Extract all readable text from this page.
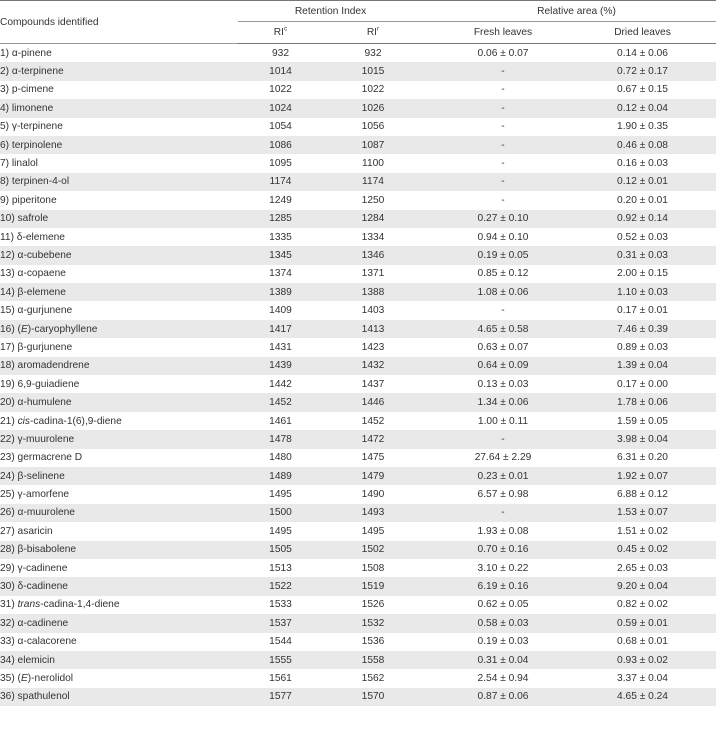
Compounds identified	Retention Index		Relative area (%)	
	$RI^c$	$RI^r$	Fresh leaves	Dried leaves
1) α-pinene	932	932	0.06 ± 0.07	0.14 ± 0.06
2) α-terpinene	1014	1015	-	0.72 ± 0.17
3) p-cimene	1022	1022	-	0.67 ± 0.15
4) limonene	1024	1026	-	0.12 ± 0.04
5) γ-terpinene	1054	1056	-	1.90 ± 0.35
6) terpinolene	1086	1087	-	0.46 ± 0.08
7) linalol	1095	1100	-	0.16 ± 0.03
8) terpinen-4-ol	1174	1174	-	0.12 ± 0.01
9) piperitone	1249	1250	-	0.20 ± 0.01
10) safrole	1285	1284	0.27 ± 0.10	0.92 ± 0.14
11) δ-elemene	1335	1334	0.94 ± 0.10	0.52 ± 0.03
12) α-cubebene	1345	1346	0.19 ± 0.05	0.31 ± 0.03
13) α-copaene	1374	1371	0.85 ± 0.12	2.00 ± 0.15
14) β-elemene	1389	1388	1.08 ± 0.06	1.10 ± 0.03
15) α-gurjunene	1409	1403	-	0.17 ± 0.01
16) (E)-caryophyllene	1417	1413	4.65 ± 0.58	7.46 ± 0.39
17) β-gurjunene	1431	1423	0.63 ± 0.07	0.89 ± 0.03
18) aromadendrene	1439	1432	0.64 ± 0.09	1.39 ± 0.04
19) 6,9-guiadiene	1442	1437	0.13 ± 0.03	0.17 ± 0.00
20) α-humulene	1452	1446	1.34 ± 0.06	1.78 ± 0.06
21) cis-cadina-1(6),9-diene	1461	1452	1.00 ± 0.11	1.59 ± 0.05
22) γ-muurolene	1478	1472	-	3.98 ± 0.04
23) germacrene D	1480	1475	27.64 ± 2.29	6.31 ± 0.20
24) β-selinene	1489	1479	0.23 ± 0.01	1.92 ± 0.07
25) γ-amorfene	1495	1490	6.57 ± 0.98	6.88 ± 0.12
26) α-muurolene	1500	1493	-	1.53 ± 0.07
27) asaricin	1495	1495	1.93 ± 0.08	1.51 ± 0.02
28) β-bisabolene	1505	1502	0.70 ± 0.16	0.45 ± 0.02
29) γ-cadinene	1513	1508	3.10 ± 0.22	2.65 ± 0.03
30) δ-cadinene	1522	1519	6.19 ± 0.16	9.20 ± 0.04
31) trans-cadina-1,4-diene	1533	1526	0.62 ± 0.05	0.82 ± 0.02
32) α-cadinene	1537	1532	0.58 ± 0.03	0.59 ± 0.01
33) α-calacorene	1544	1536	0.19 ± 0.03	0.68 ± 0.01
34) elemicin	1555	1558	0.31 ± 0.04	0.93 ± 0.02
35) (E)-nerolidol	1561	1562	2.54 ± 0.94	3.37 ± 0.04
36) spathulenol	1577	1570	0.87 ± 0.06	4.65 ± 0.24
